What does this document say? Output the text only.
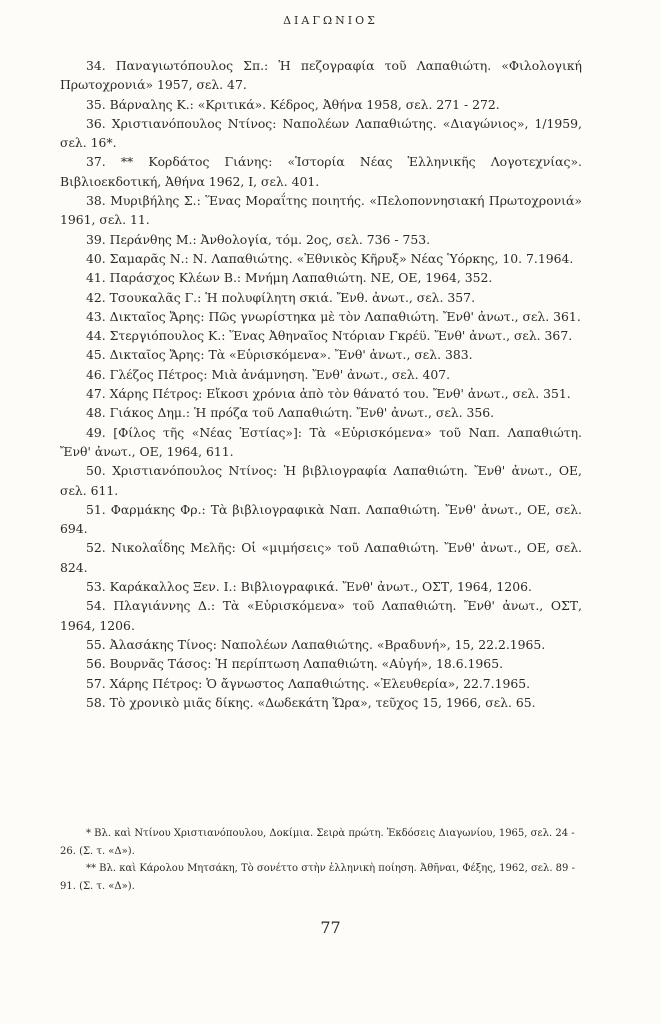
ΔΙΑΓΩΝΙΟΣ

34. Παναγιωτόπουλος Σπ.: Ἡ πεζογραφία τοῦ Λαπαθιώτη. «Φιλολογική Πρωτοχρονιά» 1957, σελ. 47.

35. Βάρναλης Κ.: «Κριτικά». Κέδρος, Ἀθήνα 1958, σελ. 271 - 272.

36. Χριστιανόπουλος Ντίνος: Ναπολέων Λαπαθιώτης. «Διαγώνιος», 1/1959, σελ. 16*.

37. ** Κορδάτος Γιάνης: «Ἱστορία Νέας Ἑλληνικῆς Λογοτεχνίας». Βιβλιοεκδοτική, Ἀθήνα 1962, Ι, σελ. 401.

38. Μυριβήλης Σ.: Ἕνας Μοραΐτης ποιητής. «Πελοποννησιακή Πρωτοχρονιά» 1961, σελ. 11.

39. Περάνθης Μ.: Ἀνθολογία, τόμ. 2ος, σελ. 736 - 753.

40. Σαμαρᾶς Ν.: Ν. Λαπαθιώτης. «Ἐθνικὸς Κῆρυξ» Νέας Ὑόρκης, 10. 7.1964.

41. Παράσχος Κλέων Β.: Μνήμη Λαπαθιώτη. ΝΕ, ΟΕ, 1964, 352.

42. Τσουκαλᾶς Γ.: Ἡ πολυφίλητη σκιά. Ἔνθ. ἀνωτ., σελ. 357.

43. Δικταῖος Ἄρης: Πῶς γνωρίστηκα μὲ τὸν Λαπαθιώτη. Ἔνθ' ἀνωτ., σελ. 361.

44. Στεργιόπουλος Κ.: Ἕνας Ἀθηναῖος Ντόριαν Γκρέϋ. Ἔνθ' ἀνωτ., σελ. 367.

45. Δικταῖος Ἄρης: Τὰ «Εὑρισκόμενα». Ἔνθ' ἀνωτ., σελ. 383.

46. Γλέζος Πέτρος: Μιὰ ἀνάμνηση. Ἔνθ' ἀνωτ., σελ. 407.

47. Χάρης Πέτρος: Εἴκοσι χρόνια ἀπὸ τὸν θάνατό του. Ἔνθ' ἀνωτ., σελ. 351.

48. Γιάκος Δημ.: Ἡ πρόζα τοῦ Λαπαθιώτη. Ἔνθ' ἀνωτ., σελ. 356.

49. [Φίλος τῆς «Νέας Ἑστίας»]: Τὰ «Εὑρισκόμενα» τοῦ Ναπ. Λαπαθιώτη. Ἔνθ' ἀνωτ., ΟΕ, 1964, 611.

50. Χριστιανόπουλος Ντίνος: Ἡ βιβλιογραφία Λαπαθιώτη. Ἔνθ' ἀνωτ., ΟΕ, σελ. 611.

51. Φαρμάκης Φρ.: Τὰ βιβλιογραφικὰ Ναπ. Λαπαθιώτη. Ἔνθ' ἀνωτ., ΟΕ, σελ. 694.

52. Νικολαΐδης Μελῆς: Οἱ «μιμήσεις» τοῦ Λαπαθιώτη. Ἔνθ' ἀνωτ., ΟΕ, σελ. 824.

53. Καράκαλλος Ξεν. Ι.: Βιβλιογραφικά. Ἔνθ' ἀνωτ., ΟΣΤ, 1964, 1206.

54. Πλαγιάννης Δ.: Τὰ «Εὑρισκόμενα» τοῦ Λαπαθιώτη. Ἔνθ' ἀνωτ., ΟΣΤ, 1964, 1206.

55. Ἀλασάκης Τίνος: Ναπολέων Λαπαθιώτης. «Βραδυνή», 15, 22.2.1965.

56. Βουρνᾶς Τάσος: Ἡ περίπτωση Λαπαθιώτη. «Αὐγή», 18.6.1965.

57. Χάρης Πέτρος: Ὁ ἄγνωστος Λαπαθιώτης. «Ἐλευθερία», 22.7.1965.

58. Τὸ χρονικὸ μιᾶς δίκης. «Δωδεκάτη Ὥρα», τεῦχος 15, 1966, σελ. 65.

* Βλ. καὶ Ντίνου Χριστιανόπουλου, Δοκίμια. Σειρὰ πρώτη. Ἐκδόσεις Διαγωνίου, 1965, σελ. 24 - 26. (Σ. τ. «Δ»).

** Βλ. καὶ Κάρολου Μητσάκη, Τὸ σονέττο στὴν ἑλληνικὴ ποίηση. Ἀθῆναι, Φέξης, 1962, σελ. 89 - 91. (Σ. τ. «Δ»).

77
